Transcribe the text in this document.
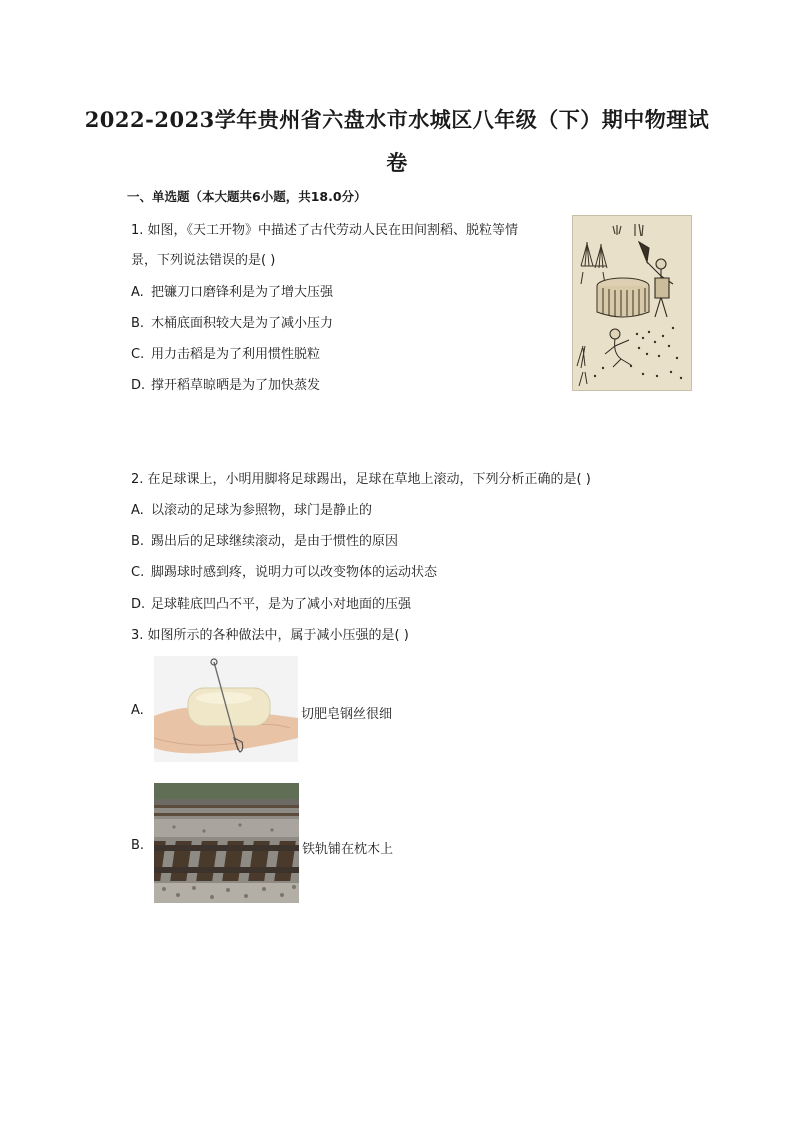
2022-2023学年贵州省六盘水市水城区八年级（下）期中物理试
卷
一、单选题（本大题共6小题，共18.0分）
1. 如图，《天工开物》中描述了古代劳动人民在田间割稻、脱粒等情
景，下列说法错误的是( )
A. 把镰刀口磨锋利是为了增大压强
B. 木桶底面积较大是为了减小压力
C. 用力击稻是为了利用惯性脱粒
D. 撑开稻草晾晒是为了加快蒸发
2. 在足球课上，小明用脚将足球踢出，足球在草地上滚动，下列分析正确的是( )
A. 以滚动的足球为参照物，球门是静止的
B. 踢出后的足球继续滚动，是由于惯性的原因
C. 脚踢球时感到疼，说明力可以改变物体的运动状态
D. 足球鞋底凹凸不平，是为了减小对地面的压强
3. 如图所示的各种做法中，属于减小压强的是( )
A.	切肥皂钢丝很细
B.	铁轨铺在枕木上
